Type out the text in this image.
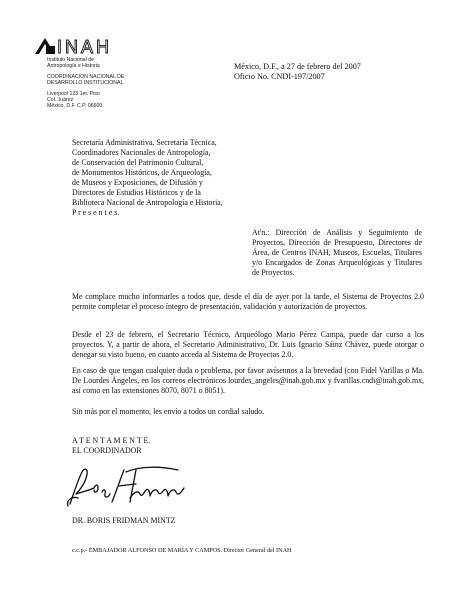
INAH
Instituto Nacional de
Antropología e Historia
COORDINACION NACIONAL DE
DESARROLLO INSTITUCIONAL
Liverpool 123 1er. Piso
Col. Juárez
México, D.F. C.P. 06600
México, D.F., a 27 de febrero del 2007
Oficio No. CNDI-197/2007
Secretaría Administrativa, Secretaría Técnica,
Coordinadores Nacionales de Antropología,
de Conservación del Patrimonio Cultural,
de Monumentos Históricos, de Arqueología,
de Museos y Exposiciones, de Difusión y
Directores de Estudios Históricos y de la
Biblioteca Nacional de Antropología e Historia,
P r e s e n t e s.
At'n.: Dirección de Análisis y Seguimiento de Proyectos, Dirección de Presupuesto, Directores de Área, de Centros INAH, Museos, Escuelas, Titulares y/o Encargados de Zonas Arqueológicas y Titulares de Proyectos.
Me complace mucho informarles a todos que, desde el día de ayer por la tarde, el Sistema de Proyectos 2.0 permite completar el proceso íntegro de presentación, validación y autorización de proyectos.
Desde el 23 de febrero, el Secretario Técnico, Arqueólogo Mario Pérez Campa, puede dar curso a los proyectos. Y, a partir de ahora, el Secretario Administrativo, Dr. Luis Ignacio Sáinz Chávez, puede otorgar o denegar su visto bueno, en cuanto acceda al Sistema de Proyectos 2.0.
En caso de que tengan cualquier duda o problema, por favor avísennos a la brevedad (con Fidel Varillas o Ma. De Lourdes Ángeles, en los correos electrónicos lourdes_angeles@inah.gob.mx y fvarillas.cndi@inah.gob.mx, así como en las extensiones 8070, 8071 o 8051).
Sin más por el momento, les envío a todos un cordial saludo.
A T E N T A M E N T E.
EL COORDINADOR
DR. BORIS FRIDMAN MINTZ
c.c.p.- EMBAJADOR ALFONSO DE MARÍA Y CAMPOS. Director General del INAH
